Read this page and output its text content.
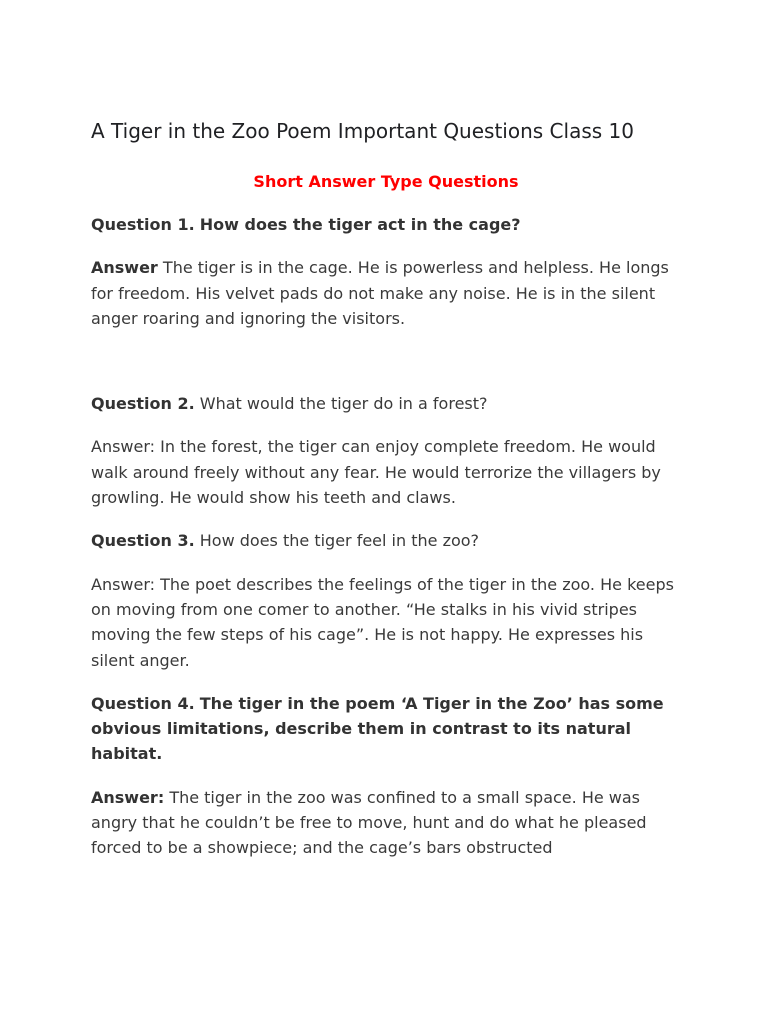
A Tiger in the Zoo Poem Important Questions Class 10
Short Answer Type Questions
Question 1. How does the tiger act in the cage?
Answer The tiger is in the cage. He is powerless and helpless. He longs for freedom. His velvet pads do not make any noise. He is in the silent anger roaring and ignoring the visitors.
Question 2. What would the tiger do in a forest?
Answer: In the forest, the tiger can enjoy complete freedom. He would walk around freely without any fear. He would terrorize the villagers by growling. He would show his teeth and claws.
Question 3. How does the tiger feel in the zoo?
Answer: The poet describes the feelings of the tiger in the zoo. He keeps on moving from one comer to another. “He stalks in his vivid stripes moving the few steps of his cage”. He is not happy. He expresses his silent anger.
Question 4. The tiger in the poem ‘A Tiger in the Zoo’ has some obvious limitations, describe them in contrast to its natural habitat.
Answer: The tiger in the zoo was confined to a small space. He was angry that he couldn’t be free to move, hunt and do what he pleased forced to be a showpiece; and the cage’s bars obstructed
